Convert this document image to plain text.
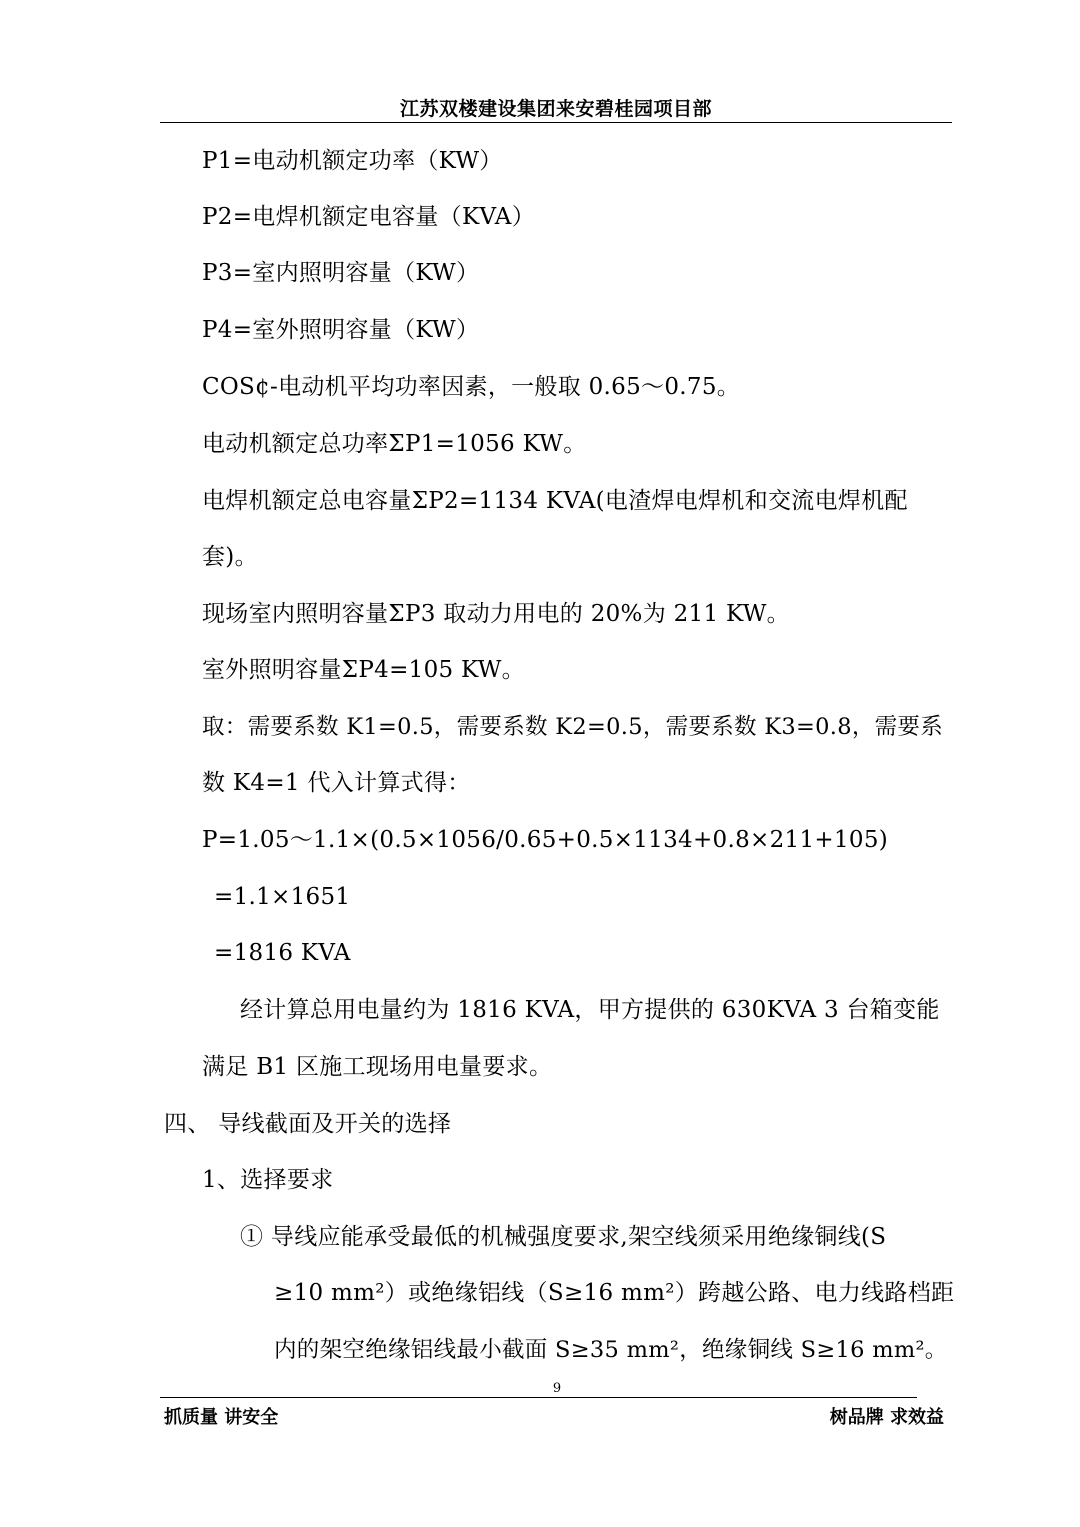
江苏双楼建设集团来安碧桂园项目部
P1=电动机额定功率（KW）
P2=电焊机额定电容量（KVA）
P3=室内照明容量（KW）
P4=室外照明容量（KW）
COS¢-电动机平均功率因素，一般取 0.65～0.75。
电动机额定总功率ΣP1=1056 KW。
电焊机额定总电容量ΣP2=1134 KVA(电渣焊电焊机和交流电焊机配
套)。
现场室内照明容量ΣP3 取动力用电的 20%为 211 KW。
室外照明容量ΣP4=105 KW。
取：需要系数 K1=0.5，需要系数 K2=0.5，需要系数 K3=0.8，需要系
数 K4=1 代入计算式得：
P=1.05～1.1×(0.5×1056/0.65+0.5×1134+0.8×211+105)
=1.1×1651
=1816 KVA
经计算总用电量约为 1816 KVA，甲方提供的 630KVA 3 台箱变能
满足 B1 区施工现场用电量要求。
四、 导线截面及开关的选择
1、选择要求
① 导线应能承受最低的机械强度要求,架空线须采用绝缘铜线(S
≥10 mm²）或绝缘铝线（S≥16 mm²）跨越公路、电力线路档距
内的架空绝缘铝线最小截面 S≥35 mm²，绝缘铜线 S≥16 mm²。
9
抓质量 讲安全	树品牌 求效益
